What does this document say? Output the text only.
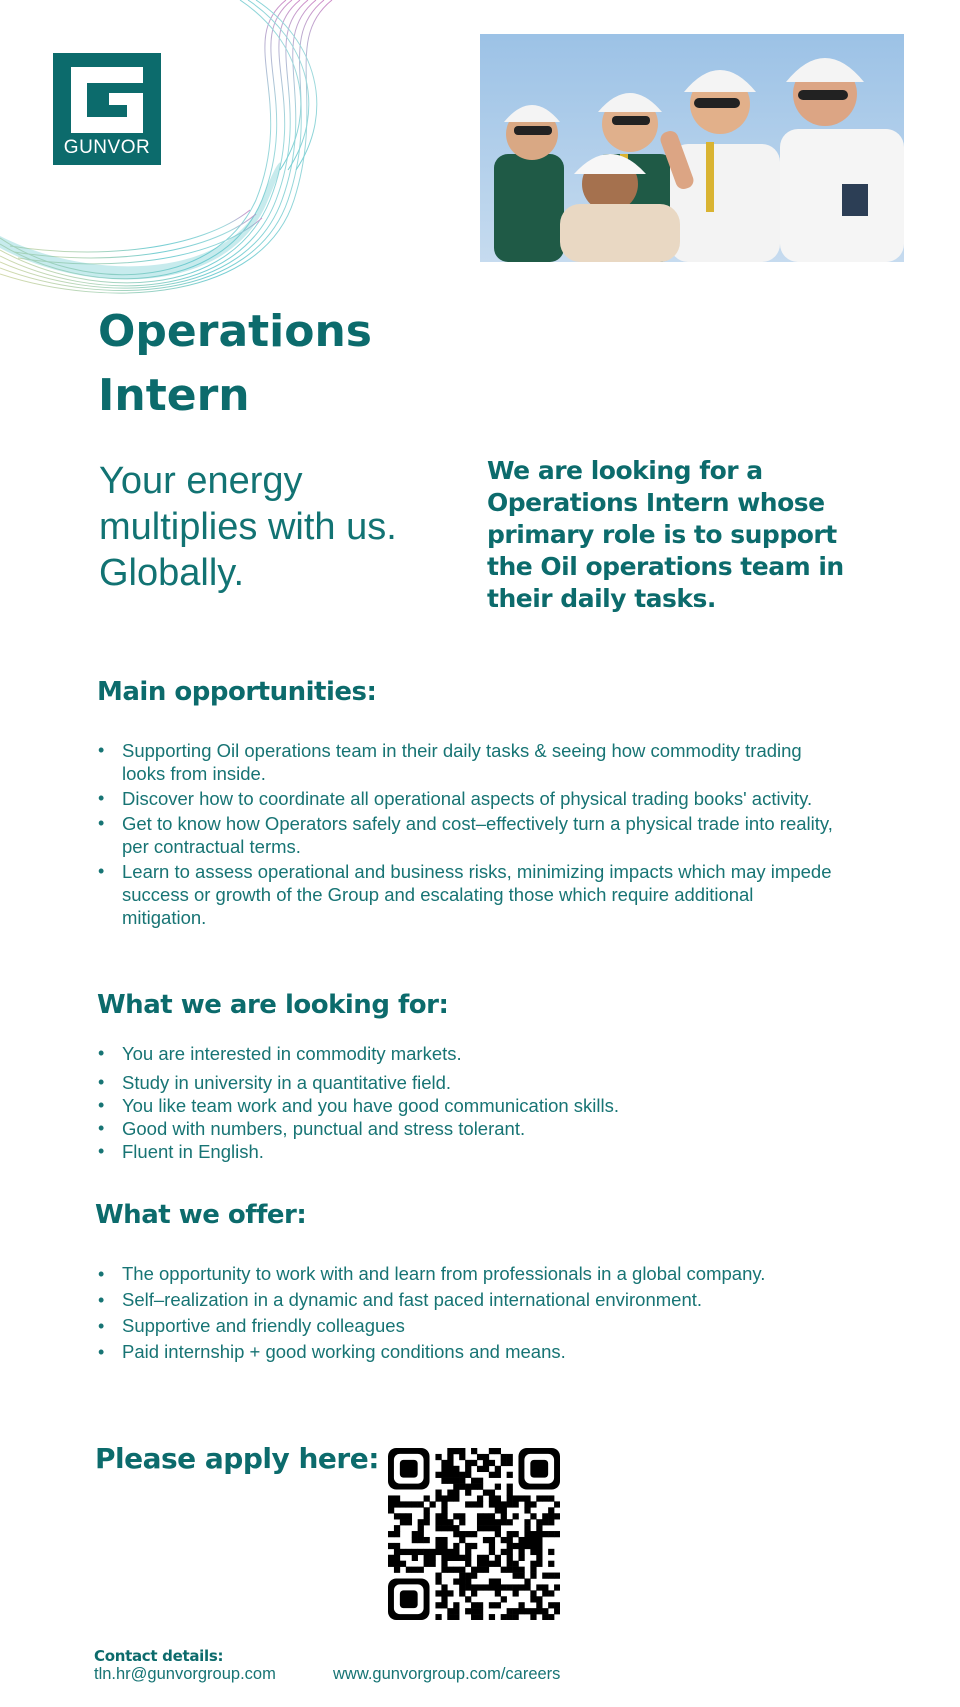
GUNVOR
Operations
Intern
Your energy
multiplies with us.
Globally.
We are looking for a Operations Intern whose primary role is to support the Oil operations team in their daily tasks.
Main opportunities:
• Supporting Oil operations team in their daily tasks & seeing how commodity trading looks from inside.
• Discover how to coordinate all operational aspects of physical trading books' activity.
• Get to know how Operators safely and cost–effectively turn a physical trade into reality, per contractual terms.
• Learn to assess operational and business risks, minimizing impacts which may impede success or growth of the Group and escalating those which require additional mitigation.
What we are looking for:
• You are interested in commodity markets.
• Study in university in a quantitative field.
• You like team work and you have good communication skills.
• Good with numbers, punctual and stress tolerant.
• Fluent in English.
What we offer:
• The opportunity to work with and learn from professionals in a global company.
• Self–realization in a dynamic and fast paced international environment.
• Supportive and friendly colleagues
• Paid internship + good working conditions and means.
Please apply here:
Contact details:
tln.hr@gunvorgroup.com	www.gunvorgroup.com/careers
